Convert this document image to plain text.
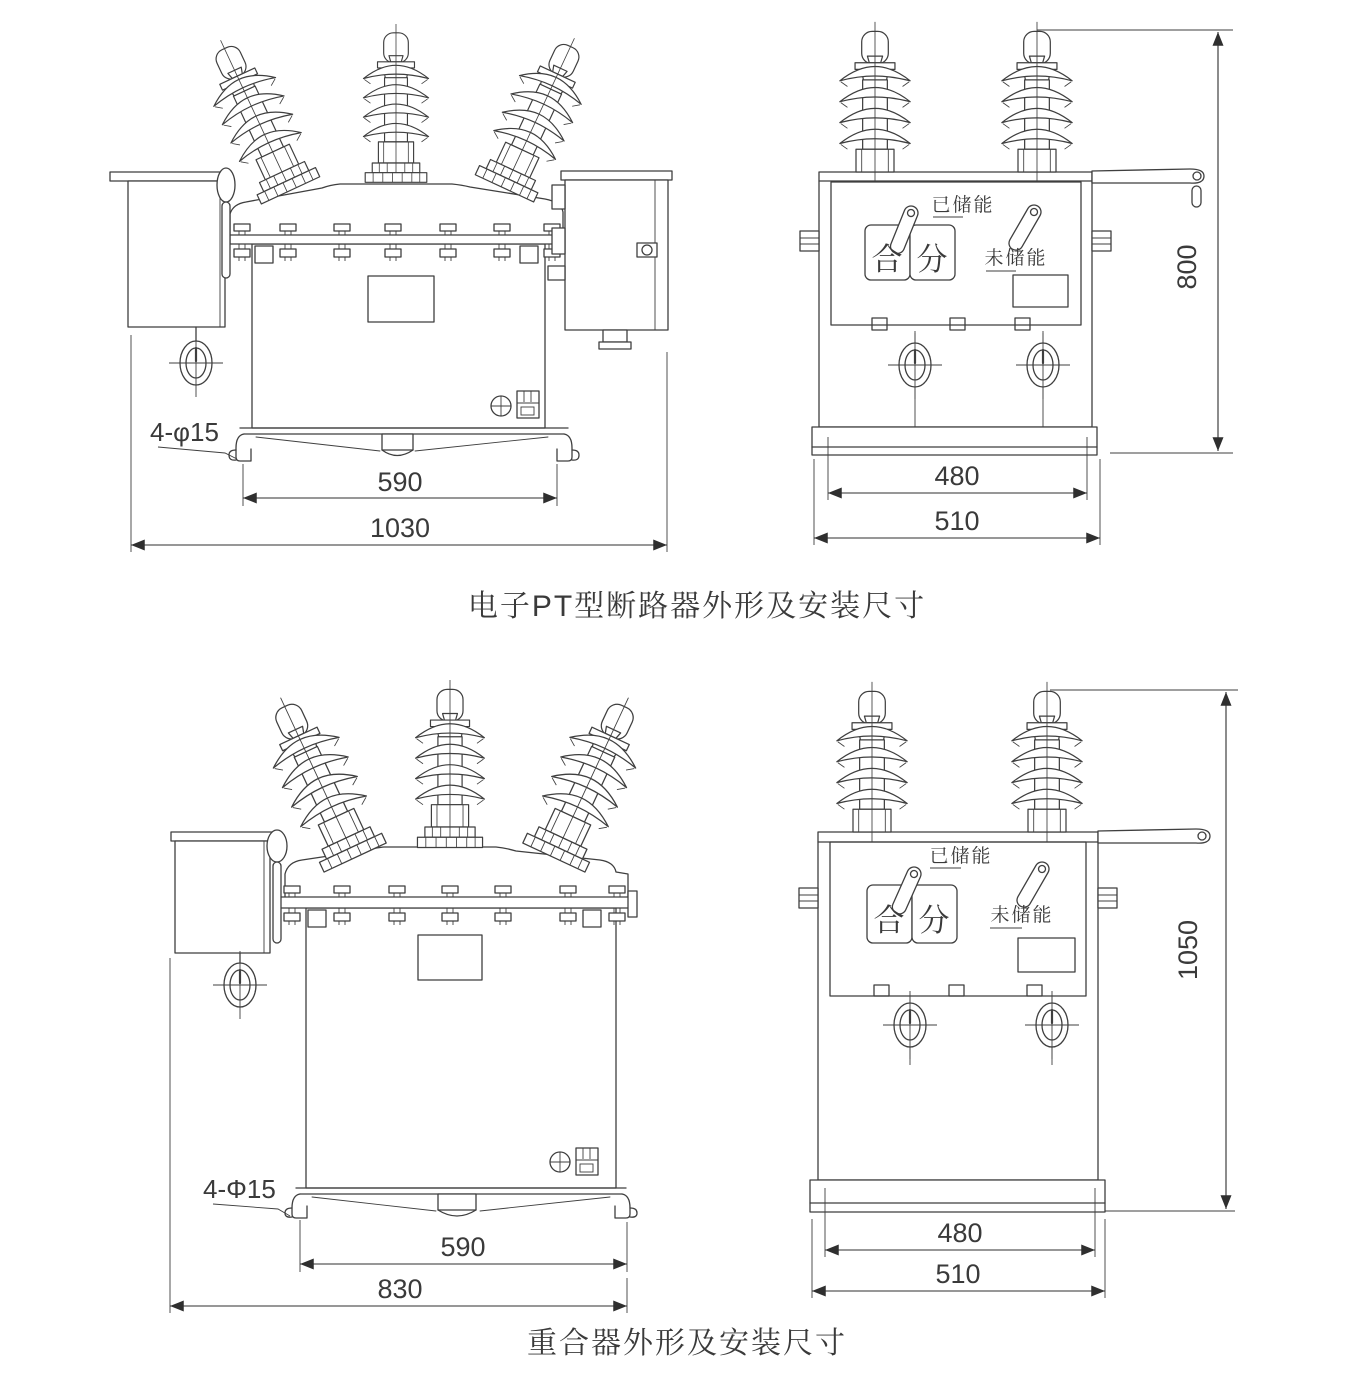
4-φ15
590
1030
已储能
合 分 未储能
480
510
800
电子PT型断路器外形及安装尺寸
4-Φ15
590
830
已储能
合 分 未储能
480
510
1050
重合器外形及安装尺寸
